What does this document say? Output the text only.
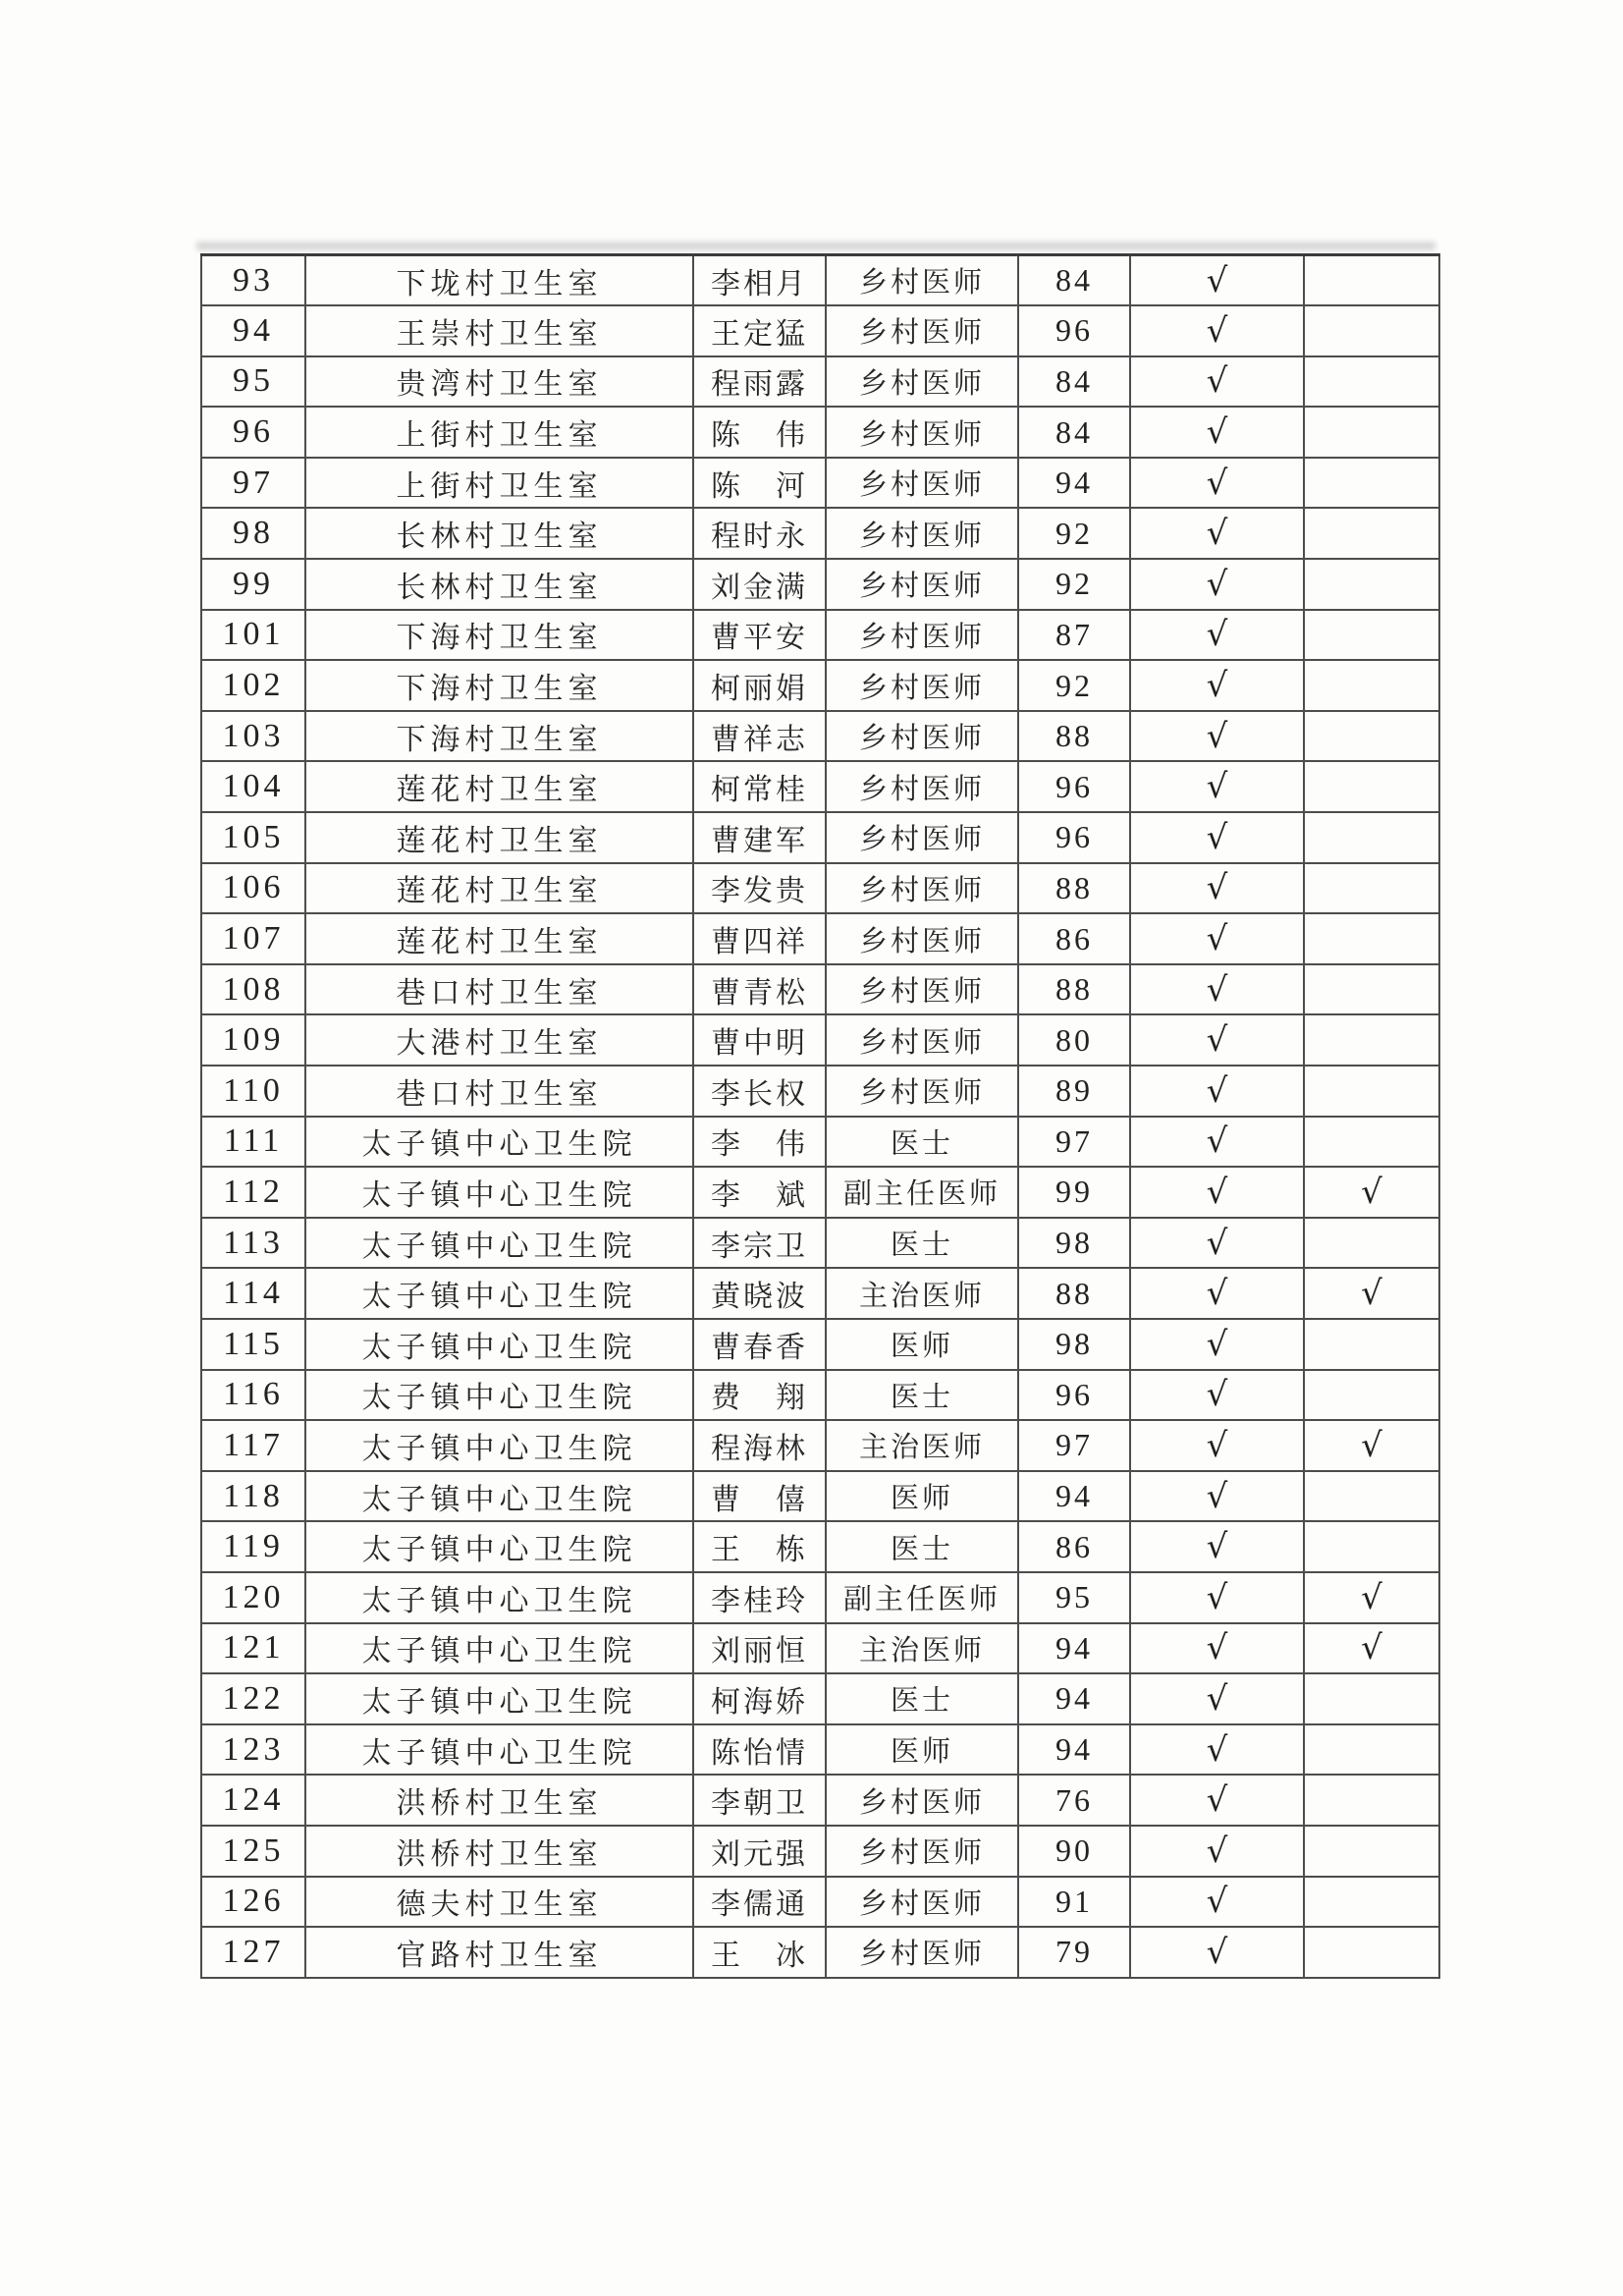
93	下垅村卫生室	李相月	乡村医师	84	√	
94	王崇村卫生室	王定猛	乡村医师	96	√	
95	贵湾村卫生室	程雨露	乡村医师	84	√	
96	上街村卫生室	陈　伟	乡村医师	84	√	
97	上街村卫生室	陈　河	乡村医师	94	√	
98	长林村卫生室	程时永	乡村医师	92	√	
99	长林村卫生室	刘金满	乡村医师	92	√	
101	下海村卫生室	曹平安	乡村医师	87	√	
102	下海村卫生室	柯丽娟	乡村医师	92	√	
103	下海村卫生室	曹祥志	乡村医师	88	√	
104	莲花村卫生室	柯常桂	乡村医师	96	√	
105	莲花村卫生室	曹建军	乡村医师	96	√	
106	莲花村卫生室	李发贵	乡村医师	88	√	
107	莲花村卫生室	曹四祥	乡村医师	86	√	
108	巷口村卫生室	曹青松	乡村医师	88	√	
109	大港村卫生室	曹中明	乡村医师	80	√	
110	巷口村卫生室	李长权	乡村医师	89	√	
111	太子镇中心卫生院	李　伟	医士	97	√	
112	太子镇中心卫生院	李　斌	副主任医师	99	√	√
113	太子镇中心卫生院	李宗卫	医士	98	√	
114	太子镇中心卫生院	黄晓波	主治医师	88	√	√
115	太子镇中心卫生院	曹春香	医师	98	√	
116	太子镇中心卫生院	费　翔	医士	96	√	
117	太子镇中心卫生院	程海林	主治医师	97	√	√
118	太子镇中心卫生院	曹　僖	医师	94	√	
119	太子镇中心卫生院	王　栋	医士	86	√	
120	太子镇中心卫生院	李桂玲	副主任医师	95	√	√
121	太子镇中心卫生院	刘丽恒	主治医师	94	√	√
122	太子镇中心卫生院	柯海娇	医士	94	√	
123	太子镇中心卫生院	陈怡情	医师	94	√	
124	洪桥村卫生室	李朝卫	乡村医师	76	√	
125	洪桥村卫生室	刘元强	乡村医师	90	√	
126	德夫村卫生室	李儒通	乡村医师	91	√	
127	官路村卫生室	王　冰	乡村医师	79	√	
